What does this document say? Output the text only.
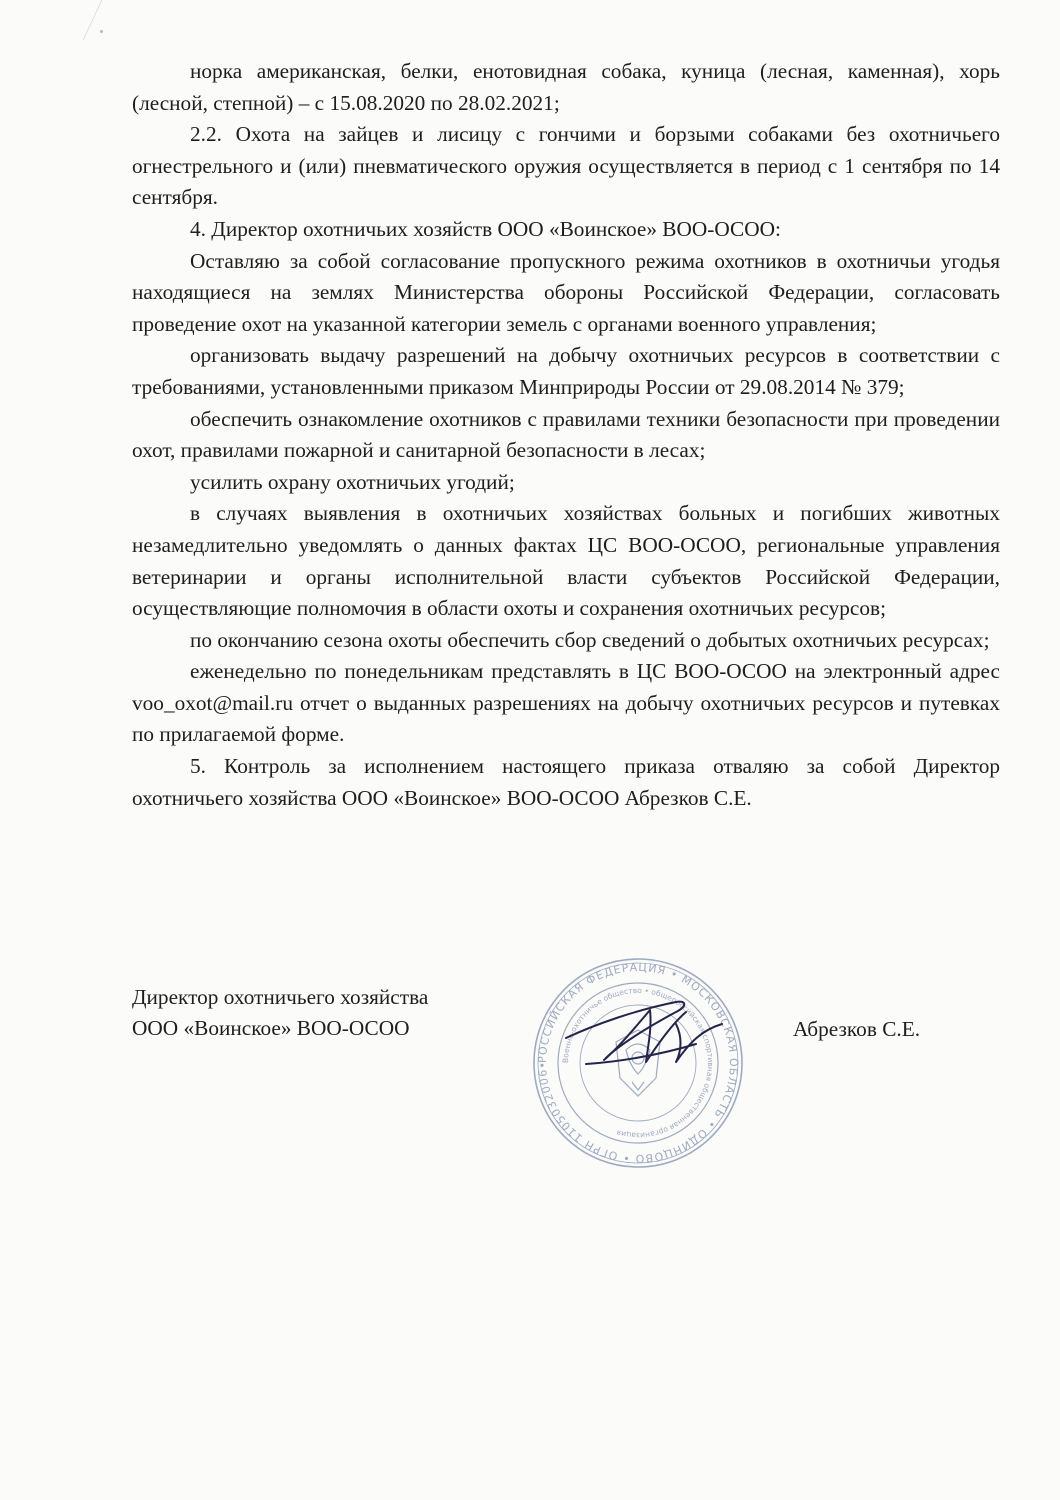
норка американская, белки, енотовидная собака, куница (лесная, каменная), хорь (лесной, степной) – с 15.08.2020 по 28.02.2021;

2.2. Охота на зайцев и лисицу с гончими и борзыми собаками без охотничьего огнестрельного и (или) пневматического оружия осуществляется в период с 1 сентября по 14 сентября.

4. Директор охотничьих хозяйств ООО «Воинское» ВОО-ОСОО:

Оставляю за собой согласование пропускного режима охотников в охотничьи угодья находящиеся на землях Министерства обороны Российской Федерации, согласовать проведение охот на указанной категории земель с органами военного управления;

организовать выдачу разрешений на добычу охотничьих ресурсов в соответствии с требованиями, установленными приказом Минприроды России от 29.08.2014 № 379;

обеспечить ознакомление охотников с правилами техники безопасности при проведении охот, правилами пожарной и санитарной безопасности в лесах;

усилить охрану охотничьих угодий;

в случаях выявления в охотничьих хозяйствах больных и погибших животных незамедлительно уведомлять о данных фактах ЦС ВОО-ОСОО, региональные управления ветеринарии и органы исполнительной власти субъектов Российской Федерации, осуществляющие полномочия в области охоты и сохранения охотничьих ресурсов;

по окончанию сезона охоты обеспечить сбор сведений о добытых охотничьих ресурсах;

еженедельно по понедельникам представлять в ЦС ВОО-ОСОО на электронный адрес voo_oxot@mail.ru отчет о выданных разрешениях на добычу охотничьих ресурсов и путевках по прилагаемой форме.

5. Контроль за исполнением настоящего приказа отваляю за собой Директор охотничьего хозяйства ООО «Воинское» ВОО-ОСОО Абрезков С.Е.

Директор охотничьего хозяйства
ООО «Воинское» ВОО-ОСОО
РОССИЙСКАЯ ФЕДЕРАЦИЯ • МОСКОВСКАЯ ОБЛАСТЬ • ОДИНЦОВО • ОГРН 1105032006•
Военно-охотничье общество • общероссийская спортивная общественная организация
Абрезков С.Е.
